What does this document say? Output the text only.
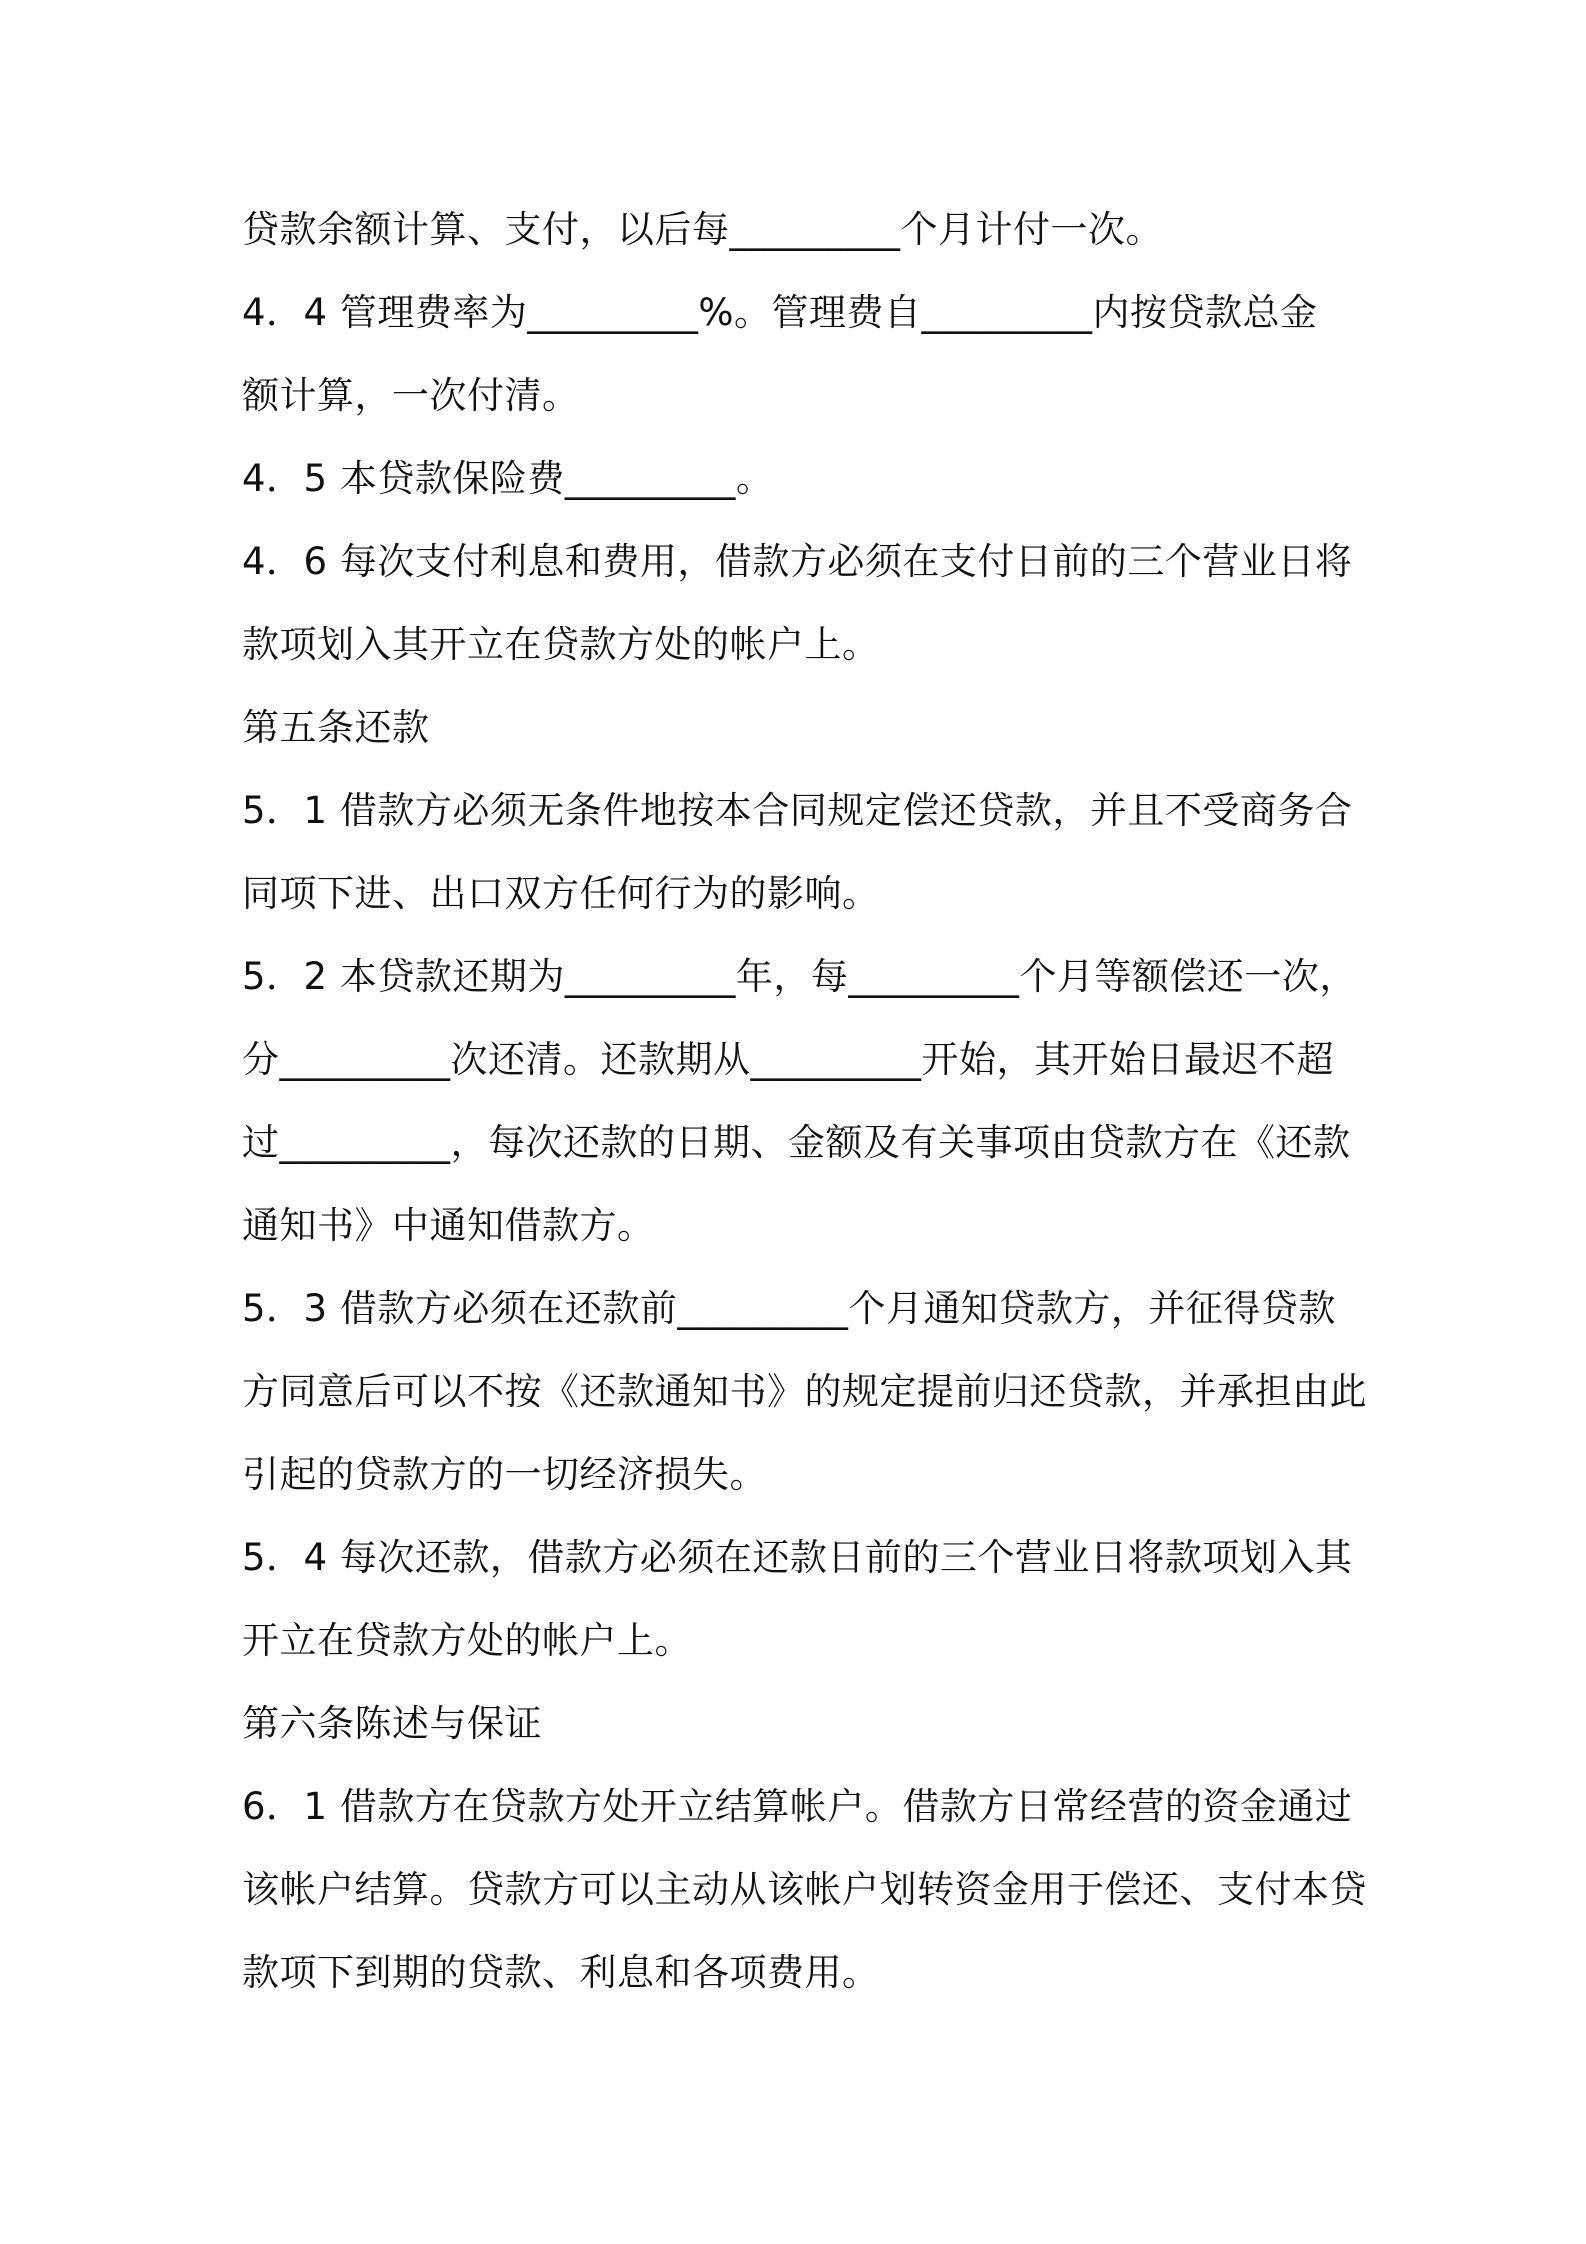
贷款余额计算、支付，以后每_________个月计付一次。
4．4 管理费率为_________%。管理费自_________内按贷款总金
额计算，一次付清。
4．5 本贷款保险费_________。
4．6 每次支付利息和费用，借款方必须在支付日前的三个营业日将
款项划入其开立在贷款方处的帐户上。
第五条还款
5．1 借款方必须无条件地按本合同规定偿还贷款，并且不受商务合
同项下进、出口双方任何行为的影响。
5．2 本贷款还期为_________年，每_________个月等额偿还一次，
分_________次还清。还款期从_________开始，其开始日最迟不超
过_________，每次还款的日期、金额及有关事项由贷款方在《还款
通知书》中通知借款方。
5．3 借款方必须在还款前_________个月通知贷款方，并征得贷款
方同意后可以不按《还款通知书》的规定提前归还贷款，并承担由此
引起的贷款方的一切经济损失。
5．4 每次还款，借款方必须在还款日前的三个营业日将款项划入其
开立在贷款方处的帐户上。
第六条陈述与保证
6．1 借款方在贷款方处开立结算帐户。借款方日常经营的资金通过
该帐户结算。贷款方可以主动从该帐户划转资金用于偿还、支付本贷
款项下到期的贷款、利息和各项费用。
